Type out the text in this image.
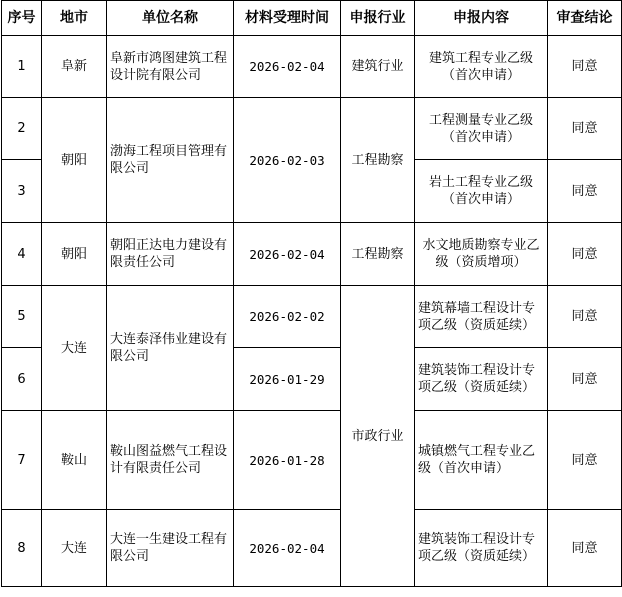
序号	地市	单位名称	材料受理时间	申报行业	申报内容	审查结论
1	阜新	阜新市鸿图建筑工程设计院有限公司	2026-02-04	建筑行业	建筑工程专业乙级（首次申请）	同意
2	朝阳	渤海工程项目管理有限公司	2026-02-03	工程勘察	工程测量专业乙级（首次申请）	同意
3					岩土工程专业乙级（首次申请）	同意
4	朝阳	朝阳正达电力建设有限责任公司	2026-02-04	工程勘察	水文地质勘察专业乙级（资质增项）	同意
5	大连	大连泰泽伟业建设有限公司	2026-02-02	市政行业	建筑幕墙工程设计专项乙级（资质延续）	同意
6			2026-01-29		建筑装饰工程设计专项乙级（资质延续）	同意
7	鞍山	鞍山图益燃气工程设计有限责任公司	2026-01-28		城镇燃气工程专业乙级（首次申请）	同意
8	大连	大连一生建设工程有限公司	2026-02-04		建筑装饰工程设计专项乙级（资质延续）	同意
